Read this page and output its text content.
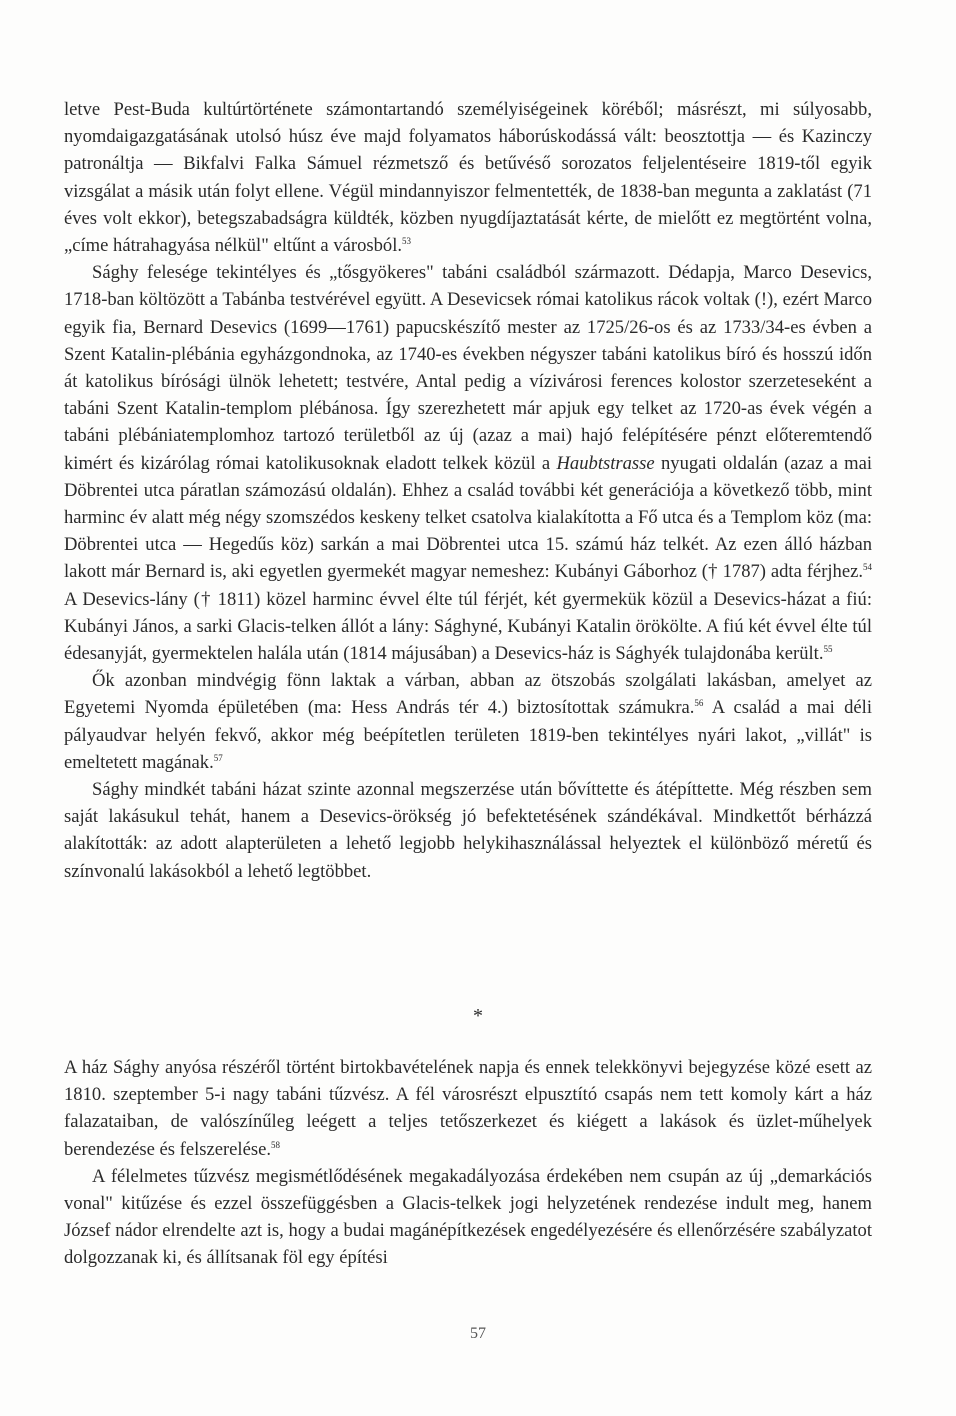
letve Pest-Buda kultúrtörténete számontartandó személyiségeinek köréből; másrészt, mi súlyosabb, nyomdaigazgatásának utolsó húsz éve majd folyamatos háborúskodássá vált: beosztottja — és Kazinczy patronáltja — Bikfalvi Falka Sámuel rézmetsző és betűvéső sorozatos feljelentéseire 1819-től egyik vizsgálat a másik után folyt ellene. Végül mindannyiszor felmentették, de 1838-ban megunta a zaklatást (71 éves volt ekkor), betegszabadságra küldték, közben nyugdíjaztatását kérte, de mielőtt ez megtörtént volna, „címe hátrahagyása nélkül" eltűnt a városból.$^{53}$

Sághy felesége tekintélyes és „tősgyökeres" tabáni családból származott. Dédapja, Marco Desevics, 1718-ban költözött a Tabánba testvérével együtt. A Desevicsek római katolikus rácok voltak (!), ezért Marco egyik fia, Bernard Desevics (1699—1761) papucskészítő mester az 1725/26-os és az 1733/34-es évben a Szent Katalin-plébánia egyházgondnoka, az 1740-es években négyszer tabáni katolikus bíró és hosszú időn át katolikus bírósági ülnök lehetett; testvére, Antal pedig a vízivárosi ferences kolostor szerzeteseként a tabáni Szent Katalin-templom plébánosa. Így szerezhetett már apjuk egy telket az 1720-as évek végén a tabáni plébániatemplomhoz tartozó területből az új (azaz a mai) hajó felépítésére pénzt előteremtendő kimért és kizárólag római katolikusoknak eladott telkek közül a Haubtstrasse nyugati oldalán (azaz a mai Döbrentei utca páratlan számozású oldalán). Ehhez a család további két generációja a következő több, mint harminc év alatt még négy szomszédos keskeny telket csatolva kialakította a Fő utca és a Templom köz (ma: Döbrentei utca — Hegedűs köz) sarkán a mai Döbrentei utca 15. számú ház telkét. Az ezen álló házban lakott már Bernard is, aki egyetlen gyermekét magyar nemeshez: Kubányi Gáborhoz († 1787) adta férjhez.$^{54}$ A Desevics-lány († 1811) közel harminc évvel élte túl férjét, két gyermekük közül a Desevics-házat a fiú: Kubányi János, a sarki Glacis-telken állót a lány: Sághyné, Kubányi Katalin örökölte. A fiú két évvel élte túl édesanyját, gyermektelen halála után (1814 májusában) a Desevics-ház is Sághyék tulajdonába került.$^{55}$

Ők azonban mindvégig fönn laktak a várban, abban az ötszobás szolgálati lakásban, amelyet az Egyetemi Nyomda épületében (ma: Hess András tér 4.) biztosítottak számukra.$^{56}$ A család a mai déli pályaudvar helyén fekvő, akkor még beépítetlen területen 1819-ben tekintélyes nyári lakot, „villát" is emeltetett magának.$^{57}$

Sághy mindkét tabáni házat szinte azonnal megszerzése után bővíttette és átépíttette. Még részben sem saját lakásukul tehát, hanem a Desevics-örökség jó befektetésének szándékával. Mindkettőt bérházzá alakították: az adott alapterületen a lehető legjobb helykihasználással helyeztek el különböző méretű és színvonalú lakásokból a lehető legtöbbet.

*

A ház Sághy anyósa részéről történt birtokbavételének napja és ennek telekkönyvi bejegyzése közé esett az 1810. szeptember 5-i nagy tabáni tűzvész. A fél városrészt elpusztító csapás nem tett komoly kárt a ház falazataiban, de valószínűleg leégett a teljes tetőszerkezet és kiégett a lakások és üzlet-műhelyek berendezése és felszerelése.$^{58}$

A félelmetes tűzvész megismétlődésének megakadályozása érdekében nem csupán az új „demarkációs vonal" kitűzése és ezzel összefüggésben a Glacis-telkek jogi helyzetének rendezése indult meg, hanem József nádor elrendelte azt is, hogy a budai magánépítkezések engedélyezésére és ellenőrzésére szabályzatot dolgozzanak ki, és állítsanak föl egy építési

57
